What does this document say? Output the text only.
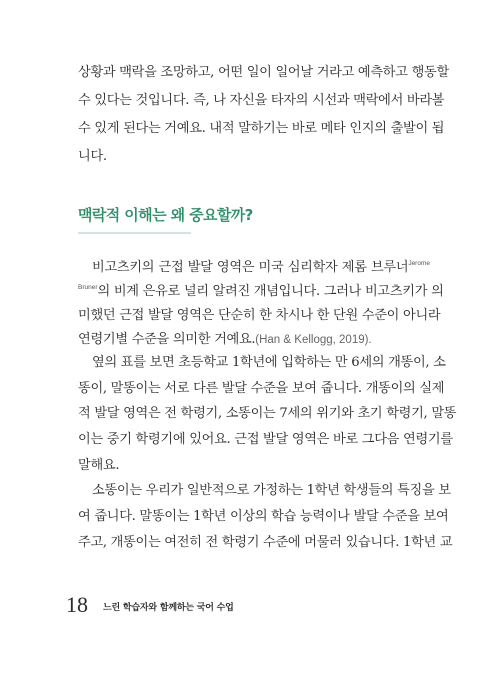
상황과 맥락을 조망하고, 어떤 일이 일어날 거라고 예측하고 행동할
수 있다는 것입니다. 즉, 나 자신을 타자의 시선과 맥락에서 바라볼
수 있게 된다는 거예요. 내적 말하기는 바로 메타 인지의 출발이 됩
니다.
맥락적 이해는 왜 중요할까?
비고츠키의 근접 발달 영역은 미국 심리학자 제롬 브루너$^{Jerome}$
$^{Bruner}$의 비계 은유로 널리 알려진 개념입니다. 그러나 비고츠키가 의
미했던 근접 발달 영역은 단순히 한 차시나 한 단원 수준이 아니라
연령기별 수준을 의미한 거예요.(Han & Kellogg, 2019).
옆의 표를 보면 초등학교 1학년에 입학하는 만 6세의 개똥이, 소
똥이, 말똥이는 서로 다른 발달 수준을 보여 줍니다. 개똥이의 실제
적 발달 영역은 전 학령기, 소똥이는 7세의 위기와 초기 학령기, 말똥
이는 중기 학령기에 있어요. 근접 발달 영역은 바로 그다음 연령기를
말해요.
소똥이는 우리가 일반적으로 가정하는 1학년 학생들의 특징을 보
여 줍니다. 말똥이는 1학년 이상의 학습 능력이나 발달 수준을 보여
주고, 개똥이는 여전히 전 학령기 수준에 머물러 있습니다. 1학년 교
18 느린 학습자와 함께하는 국어 수업
